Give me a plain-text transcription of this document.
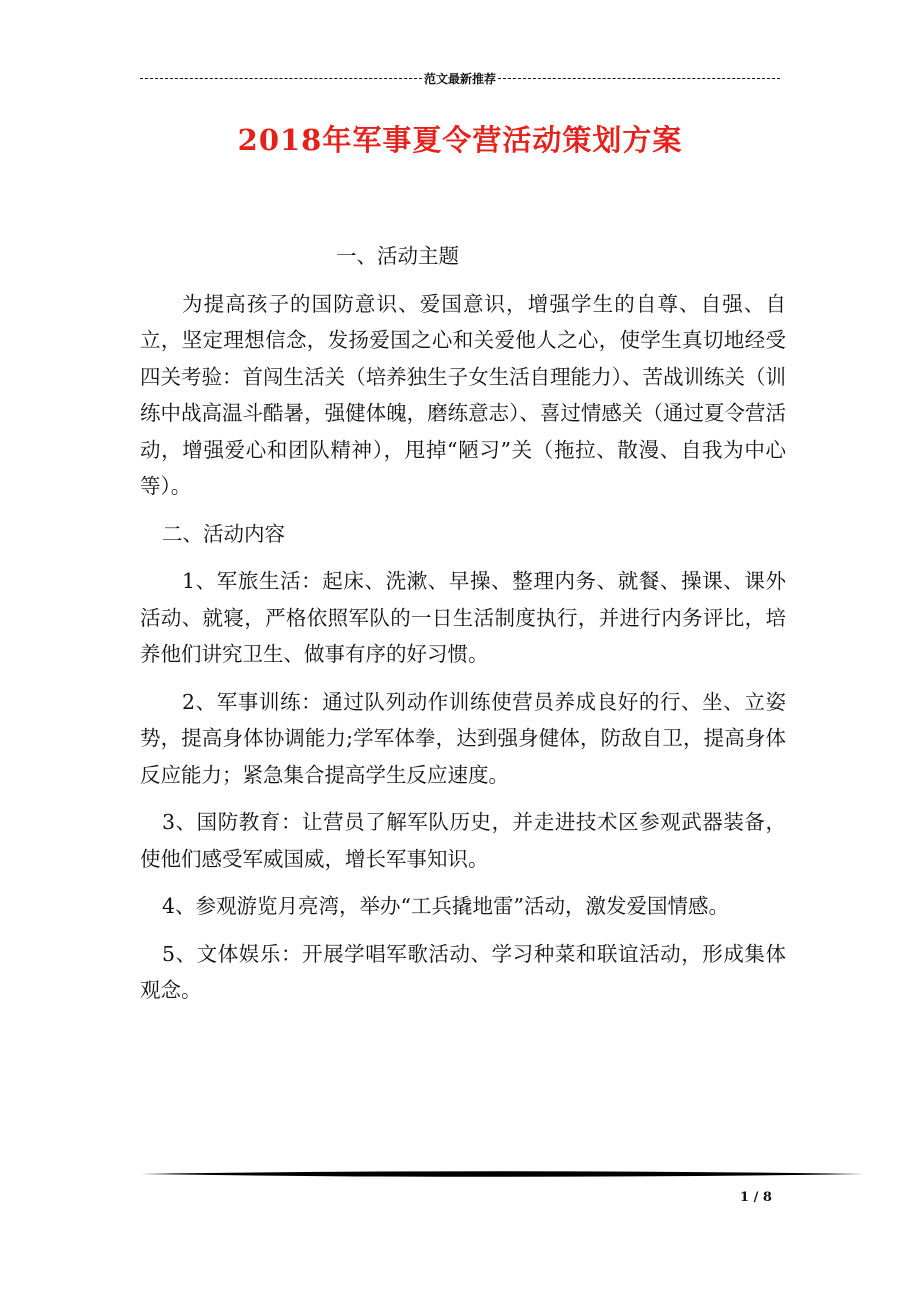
范文最新推荐
2018年军事夏令营活动策划方案

一、活动主题

为提高孩子的国防意识、爱国意识，增强学生的自尊、自强、自立，坚定理想信念，发扬爱国之心和关爱他人之心，使学生真切地经受四关考验：首闯生活关（培养独生子女生活自理能力）、苦战训练关（训练中战高温斗酷暑，强健体魄，磨练意志）、喜过情感关（通过夏令营活动，增强爱心和团队精神），甩掉“陋习”关（拖拉、散漫、自我为中心等）。

二、活动内容

1、军旅生活：起床、洗漱、早操、整理内务、就餐、操课、课外活动、就寝，严格依照军队的一日生活制度执行，并进行内务评比，培养他们讲究卫生、做事有序的好习惯。

2、军事训练：通过队列动作训练使营员养成良好的行、坐、立姿势，提高身体协调能力;学军体拳，达到强身健体，防敌自卫，提高身体反应能力；紧急集合提高学生反应速度。

3、国防教育：让营员了解军队历史，并走进技术区参观武器装备，使他们感受军威国威，增长军事知识。

4、参观游览月亮湾，举办“工兵撬地雷”活动，激发爱国情感。

5、文体娱乐：开展学唱军歌活动、学习种菜和联谊活动，形成集体观念。

1 / 8
